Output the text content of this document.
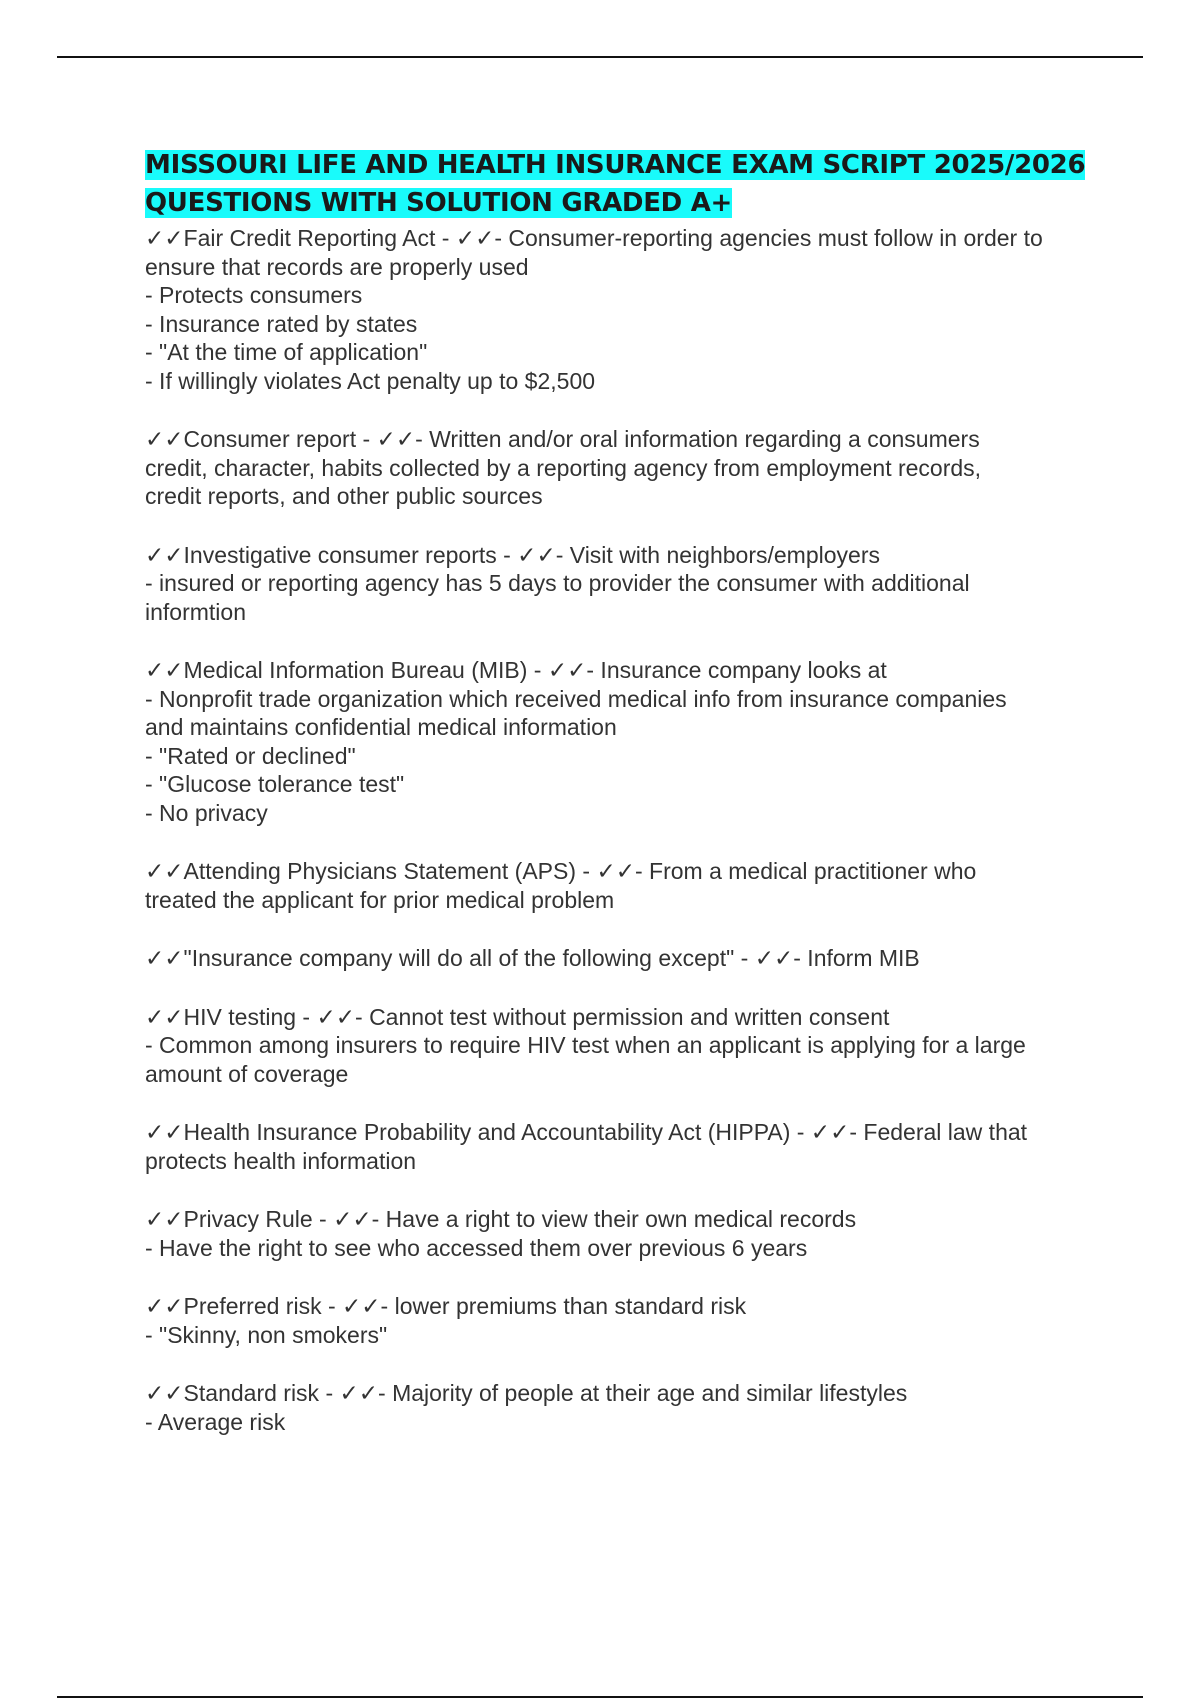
MISSOURI LIFE AND HEALTH INSURANCE EXAM SCRIPT 2025/2026
QUESTIONS WITH SOLUTION GRADED A+
✓✓Fair Credit Reporting Act - ✓✓- Consumer-reporting agencies must follow in order to
ensure that records are properly used
- Protects consumers
- Insurance rated by states
- "At the time of application"
- If willingly violates Act penalty up to $2,500
✓✓Consumer report - ✓✓- Written and/or oral information regarding a consumers
credit, character, habits collected by a reporting agency from employment records,
credit reports, and other public sources
✓✓Investigative consumer reports - ✓✓- Visit with neighbors/employers
- insured or reporting agency has 5 days to provider the consumer with additional
informtion
✓✓Medical Information Bureau (MIB) - ✓✓- Insurance company looks at
- Nonprofit trade organization which received medical info from insurance companies
and maintains confidential medical information
- "Rated or declined"
- "Glucose tolerance test"
- No privacy
✓✓Attending Physicians Statement (APS) - ✓✓- From a medical practitioner who
treated the applicant for prior medical problem
✓✓"Insurance company will do all of the following except" - ✓✓- Inform MIB
✓✓HIV testing - ✓✓- Cannot test without permission and written consent
- Common among insurers to require HIV test when an applicant is applying for a large
amount of coverage
✓✓Health Insurance Probability and Accountability Act (HIPPA) - ✓✓- Federal law that
protects health information
✓✓Privacy Rule - ✓✓- Have a right to view their own medical records
- Have the right to see who accessed them over previous 6 years
✓✓Preferred risk - ✓✓- lower premiums than standard risk
- "Skinny, non smokers"
✓✓Standard risk - ✓✓- Majority of people at their age and similar lifestyles
- Average risk
